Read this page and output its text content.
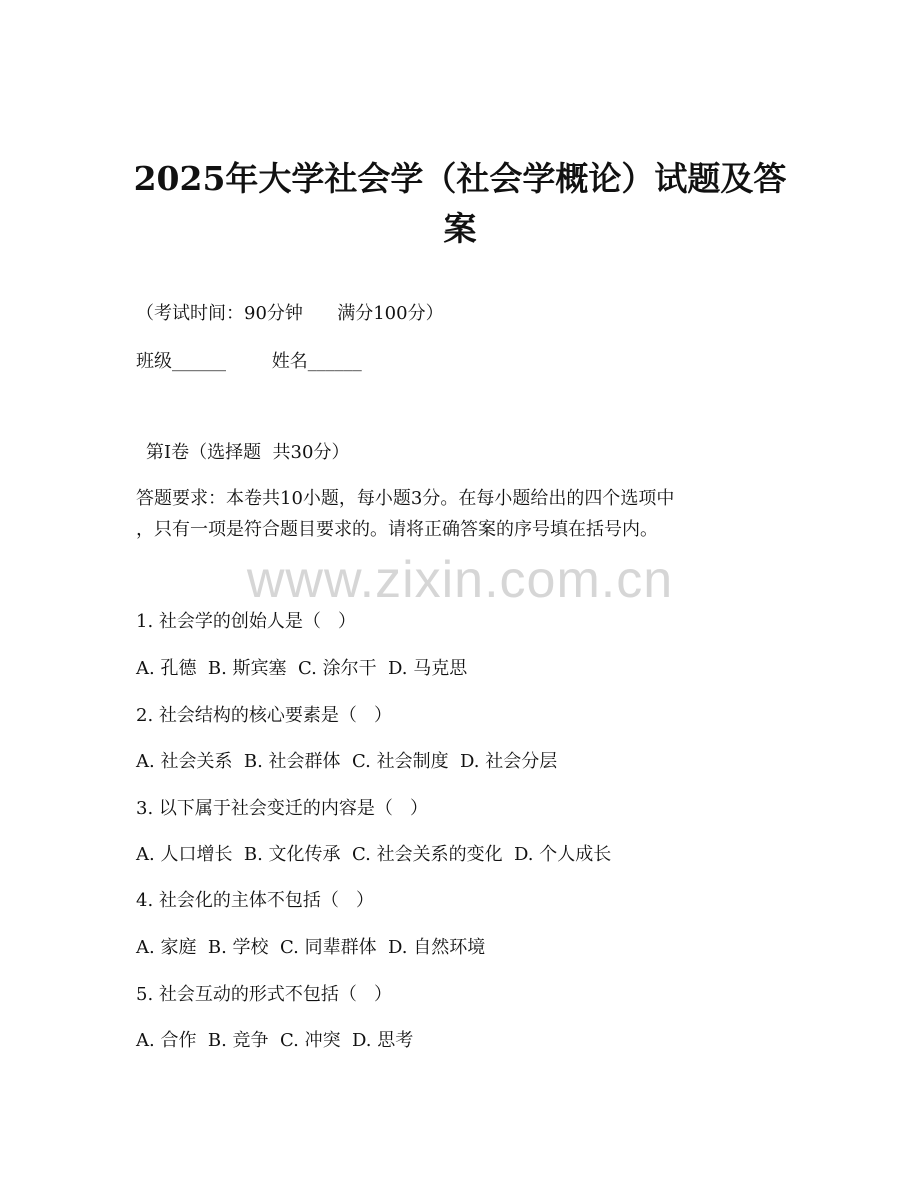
2025年大学社会学（社会学概论）试题及答
案
（考试时间：90分钟      满分100分）
班级______        姓名______
第I卷（选择题  共30分）
答题要求：本卷共10小题，每小题3分。在每小题给出的四个选项中
，只有一项是符合题目要求的。请将正确答案的序号填在括号内。
www.zixin.com.cn
1. 社会学的创始人是（   ）
A. 孔德  B. 斯宾塞  C. 涂尔干  D. 马克思
2. 社会结构的核心要素是（   ）
A. 社会关系  B. 社会群体  C. 社会制度  D. 社会分层
3. 以下属于社会变迁的内容是（   ）
A. 人口增长  B. 文化传承  C. 社会关系的变化  D. 个人成长
4. 社会化的主体不包括（   ）
A. 家庭  B. 学校  C. 同辈群体  D. 自然环境
5. 社会互动的形式不包括（   ）
A. 合作  B. 竞争  C. 冲突  D. 思考
